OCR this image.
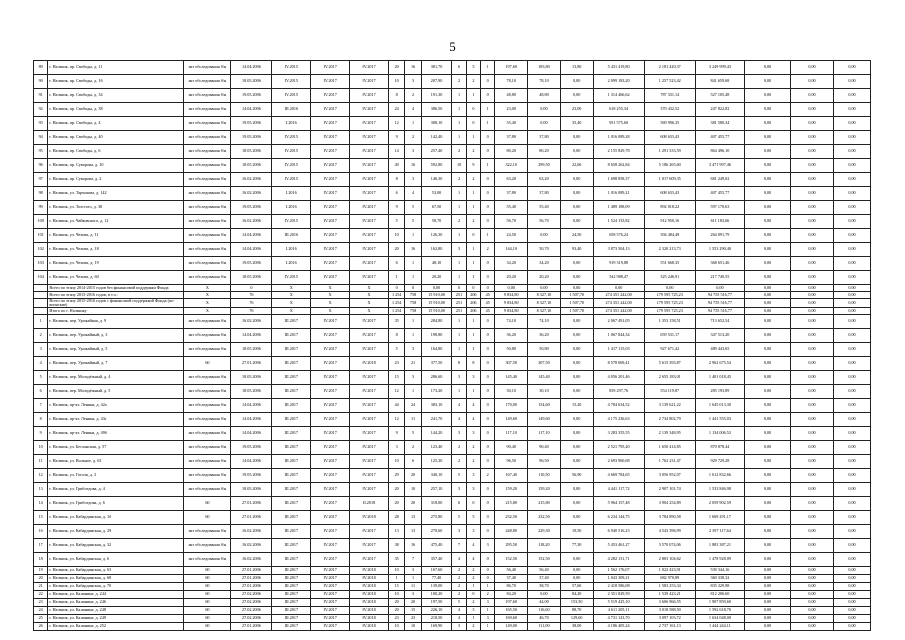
5
89	г. Нальчик, пр. Свободы, д. 11	акт обследования б/н	14.04.2006	IV.2015	IV.2017	IV.2017	20	16	381,70	6	5	1	197,60	183,80	13,80	5 431 419,80	2 181 420,37	3 249 999,43	0,00	0,00	0,00
90	г. Нальчик, пр. Свободы, д. 16	акт обследования б/н	18.05.2006	IV.2015	IV.2017	IV.2017	10	3	207,90	2	2	0	78,10	78,10	0,00	2 099 183,20	1 257 523,42	841 659,68	0,00	0,00	0,00
91	г. Нальчик, пр. Свободы, д. 34	акт обследования б/н	19.05.2006	IV.2015	IV.2017	IV.2017	8	2	191,30	1	1	0	48,80	48,80	0,00	1 314 466,62	787 331,14	527 105,48	0,00	0,00	0,00
92	г. Нальчик, пр. Свободы, д. 38	акт обследования б/н	14.04.2006	III.2016	IV.2017	IV.2017	24	4	386,50	1	0	1	23,00	0,00	23,00	618 255,34	370 432,52	247 822,82	0,00	0,00	0,00
93	г. Нальчик, пр. Свободы, д. 4	акт обследования б/н	19.05.2006	I.2016	IV.2017	IV.2017	12	1	308,10	1	0	1	35,40	0,00	35,40	951 575,60	569 996,35	381 580,34	0,00	0,00	0,00
94	г. Нальчик, пр. Свободы, д. 40	акт обследования б/н	19.05.2006	IV.2015	IV.2017	IV.2017	9	2	142,40	1	1	0	37,80	37,80	0,00	1 016 089,28	608 633,43	407 455,77	0,00	0,00	0,00
95	г. Нальчик, пр. Свободы, д. 6	акт обследования б/н	18.05.2006	IV.2015	IV.2017	IV.2017	14	3	257,40	2	2	0	80,20	80,20	0,00	2 155 829,78	1 291 333,59	864 496,10	0,00	0,00	0,00
96	г. Нальчик, пр. Суворова, д. 10	акт обследования б/н	18.05.2006	IV.2015	IV.2017	IV.2017	40	16	592,80	10	9	1	322,10	299,50	22,60	8 658 262,84	5 186 265,60	3 471 997,46	0,00	0,00	0,00
97	г. Нальчик, пр. Суворова, д. 2	акт обследования б/н	16.02.2006	IV.2015	IV.2017	IV.2017	8	3	146,30	2	2	0	63,20	63,20	0,00	1 698 858,37	1 017 609,35	681 249,02	0,00	0,00	0,00
98	г. Нальчик, ул. Тарчокова, д. 142	акт обследования б/н	16.02.2006	I.2016	IV.2017	IV.2017	6	4	53,00	1	1	0	37,80	37,80	0,00	1 016 089,21	608 633,43	407 455,77	0,00	0,00	0,00
99	г. Нальчик, ул. Толстого, д. 38	акт обследования б/н	19.05.2006	I.2016	IV.2017	IV.2017	9	5	67,50	1	1	0	55,40	55,40	0,00	1 489 188,09	892 018,22	597 170,63	0,00	0,00	0,00
100	г. Нальчик, ул. Чайковского, д. 12	акт обследования б/н	16.02.2006	IV.2015	IV.2017	IV.2017	5	5	58,70	2	2	0	56,70	56,70	0,00	1 524 133,82	912 950,16	611 183,66	0,00	0,00	0,00
101	г. Нальчик, ул. Чехова, д. 11	акт обследования б/н	14.04.2006	III.2016	IV.2017	IV.2017	10	1	126,30	1	0	1	24,50	0,00	24,50	658 576,24	394 484,49	264 091,79	0,00	0,00	0,00
102	г. Нальчик, ул. Чехова, д. 18	акт обследования б/н	14.04.2006	I.2016	IV.2017	IV.2017	20	16	162,80	3	1	2	144,10	50,70	93,40	3 873 504,13	2 320 213,73	1 553 290,40	0,00	0,00	0,00
103	г. Нальчик, ул. Чехова, д. 19	акт обследования б/н	19.05.2006	I.2016	IV.2017	IV.2017	6	1	48,10	1	1	0	34,20	34,20	0,00	919 319,88	551 668,35	368 651,46	0,00	0,00	0,00
104	г. Нальчик, ул. Чехова, д. 60	акт обследования б/н	18.05.2006	IV.2015	IV.2017	IV.2017	1	1	20,20	1	1	0	20,20	20,20	0,00	542 988,47	325 246,91	217 740,55	0,00	0,00	0,00
	Всего по этапу 2014-2015 годов без финансовой поддержки Фонда	Х	0	Х	Х	Х	0	0	0,00	0	0	0	0,00	0,00	0,00	0,00	0,00	0,00	0,00	0,00	0,00
	Всего по этапу 2015-2016 годов, в т.ч.:	Х	76	Х	Х	Х	1 254	758	15 910,00	251	206	45	9 834,80	8 327,10	1 507,70	274 351 242,00	179 595 725,23	94 755 516,77	0,00	0,00	0,00
	Всего по этапу 2015-2016 годов с финансовой поддержкой Фонда (по-воинские)	Х	76	Х	Х	Х	1 254	758	15 910,00	251	206	45	9 834,80	8 327,10	1 507,70	274 351 242,00	179 595 725,23	94 755 516,77	0,00	0,00	0,00
	Итого по г. Нальчику	Х	76	Х	Х	Х	1 254	758	15 910,00	251	206	45	9 834,80	8 327,10	1 507,70	274 351 242,00	179 595 725,23	94 755 516,77	0,00	0,00	0,00
1	г. Нальчик, пер. Урожайная, д. 9	акт обследования б/н	16.02.2006	III.2017	IV.2017	IV.2017	35	1	284,80	1	1	0	74,10	74,10	0,00	2 067 491,05	1 353 158,51	713 652,54	0,00	0,00	0,00
2	г. Нальчик, пер. Урожайный, д. 3	акт обследования б/н	14.04.2006	III.2017	IV.2017	IV.2017	8	1	198,80	1	1	0	36,20	36,20	0,00	1 067 844,34	659 531,17	347 513,20	0,00	0,00	0,00
3	г. Нальчик, пер. Урожайный, д. 5	акт обследования б/н	18.05.2006	III.2017	IV.2017	IV.2017	5	3	164,80	1	1	0	50,80	50,80	0,00	1 417 115,03	927 671,42	489 443,65	0,00	0,00	0,00
4	г. Нальчик, пер. Урожайный, д. 7	60	27.01.2006	III.2017	IV.2017	IV.2018	23	21	377,50	8	8	0	307,50	307,50	0,00	8 578 069,41	5 615 393,87	2 962 675,54	0,00	0,00	0,00
5	г. Нальчик, пер. Молодёжный, д. 4	акт обследования б/н	18.05.2006	III.2017	IV.2017	IV.2017	15	3	286,60	3	3	0	145,40	145,40	0,00	4 056 201,46	2 655 183,01	1 401 018,45	0,00	0,00	0,00
6	г. Нальчик, пер. Молодёжный, д. 5	акт обследования б/н	18.05.2006	III.2017	IV.2017	IV.2017	12	1	173,20	1	1	0	30,10	30,10	0,00	839 297,76	554 119,87	285 193,89	0,00	0,00	0,00
7	г. Нальчик, пр-кт. Ленина, д. 42а	акт обследования б/н	14.04.2006	III.2017	IV.2017	IV.2017	44	24	383,10	4	4	0	170,00	154,60	15,20	4 784 634,52	3 139 621,22	1 645 013,30	0,00	0,00	0,00
8	г. Нальчик, пр-кт. Ленина, д. 43г	акт обследования б/н	14.04.2006	III.2017	IV.2017	IV.2017	12	11	241,70	4	4	0	149,60	149,60	0,00	4 175 236,63	2 734 802,79	1 441 555,03	0,00	0,00	0,00
9	г. Нальчик, пр-кт. Ленина, д. 49б	акт обследования б/н	14.04.2006	III.2017	IV.2017	IV.2017	9	5	144,20	3	3	0	117,10	117,10	0,00	3 283 355,55	2 139 348,95	1 134 006,52	0,00	0,00	0,00
10	г. Нальчик, ул. Бесланская, д. 57	акт обследования б/н	19.05.2006	III.2017	IV.2017	IV.2017	3	2	123,40	2	2	0	90,40	90,40	0,00	2 521 795,20	1 650 414,85	870 878,44	0,00	0,00	0,00
11	г. Нальчик, ул. Вольное, д. 63	акт обследования б/н	14.04.2006	III.2017	IV.2017	IV.2017	10	6	125,30	2	2	0	96,50	96,50	0,00	2 693 960,68	1 762 231,47	929 729,28	0,00	0,00	0,00
12	г. Нальчик, ул. Гоголя, д. 3	акт обследования б/н	19.05.2006	III.2017	IV.2017	IV.2017	29	20	340,10	5	3	2	167,40	110,50	56,90	4 669 784,65	3 056 952,07	1 612 832,66	0,00	0,00	0,00
13	г. Нальчик, ул. Грибоедова, д. 4	акт обследования б/н	18.05.2006	III.2017	IV.2017	IV.2017	20	10	257,10	3	3	0	159,20	159,20	0,00	4 441 117,72	2 907 101,74	1 533 846,98	0,00	0,00	0,00
14	г. Нальчик, ул. Грибоедова, д. 6	60	27.01.2006	III.2017	IV.2017	II.2018	20	20	318,00	6	0	0	215,80	215,80	0,00	5 964 157,48	3 904 254,89	2 059 902,59	0,00	0,00	0,00
15	г. Нальчик, ул. Кабардинская, д. 1б	60	27.01.2006	III.2017	IV.2017	IV.2018	28	13	275,80	5	5	0	232,50	232,50	0,00	6 234 144,75	3 784 890,58	1 669 291,17	0,00	0,00	0,00
16	г. Нальчик, ул. Кабардинская, д. 29	акт обследования б/н	16.02.2006	III.2017	IV.2017	IV.2017	13	13	270,60	3	3	0	248,80	229,30	19,50	6 940 516,23	4 543 396,99	2 397 117,64	0,00	0,00	0,00
17	г. Нальчик, ул. Кабардинская, д. 32	акт обследования б/н	16.02.2006	III.2017	IV.2017	IV.2017	38	16	475,40	7	4	3	295,50	118,20	77,30	5 453 461,27	3 570 074,06	1 883 387,21	0,00	0,00	0,00
18	г. Нальчик, ул. Кабардинская, д. 6	акт обследования б/н	16.02.2006	III.2017	IV.2017	IV.2017	35	7	357,40	4	4	0	152,50	152,50	0,00	4 282 131,71	2 803 104,62	1 478 928,09	0,00	0,00	0,00
19	г. Нальчик, ул. Кабардинская, д. 63	60	27.01.2006	III.2017	IV.2017	IV.2018	10	3	167,60	2	2	0	56,40	56,40	0,00	1 562 176,07	1 022 423,91	539 344,16	0,00	0,00	0,00
20	г. Нальчик, ул. Кабардинская, д. 68	60	27.01.2006	III.2017	IV.2017	IV.2018	1	1	77,40	2	2	0	37,40	37,40	0,00	1 043 309,21	682 970,89	360 338,32	0,00	0,00	0,00
21	г. Нальчик, ул. Кабардинская, д. 70	60	27.01.2006	III.2017	IV.2017	IV.2018	15	11	139,00	2	1	1	86,70	38,70	57,60	2 418 586,08	1 583 253,34	835 329,98	0,00	0,00	0,00
22	г. Нальчик, ул. Калинина, д. 244	60	27.02.2006	III.2017	IV.2017	IV.2018	10	3	100,20	2	0	2	84,20	0,00	84,20	2 351 829,59	1 539 423,21	812 206,60	0,00	0,00	0,00
23	г. Нальчик, ул. Калинина, д. 246	60	27.02.2006	III.2017	IV.2017	IV.2018	20	20	197,50	5	2	3	197,60	44,00	153,50	5 519 425,10	3 606 966,55	1 907 859,60	0,00	0,00	0,00
24	г. Нальчик, ул. Калинина, д. 248	60	27.02.2006	III.2017	IV.2017	IV.2018	20	15	226,10	4	3	1	165,50	116,60	88,70	4 611 205,11	3 018 588,50	1 592 618,70	0,00	0,00	0,00
25	г. Нальчик, ул. Калинина, д. 249	60	27.02.2006	III.2017	IV.2017	IV.2018	23	23	218,50	4	1	3	169,60	46,70	129,60	4 731 123,70	3 097 103,72	1 634 048,00	0,00	0,00	0,00
26	г. Нальчик, ул. Калинина, д. 252	60	27.01.2006	III.2017	IV.2017	IV.2018	10	10	169,90	3	2	1	149,00	111,00	38,00	4 186 405,24	2 737 161,13	1 444 244,11	0,00	0,00	0,00
